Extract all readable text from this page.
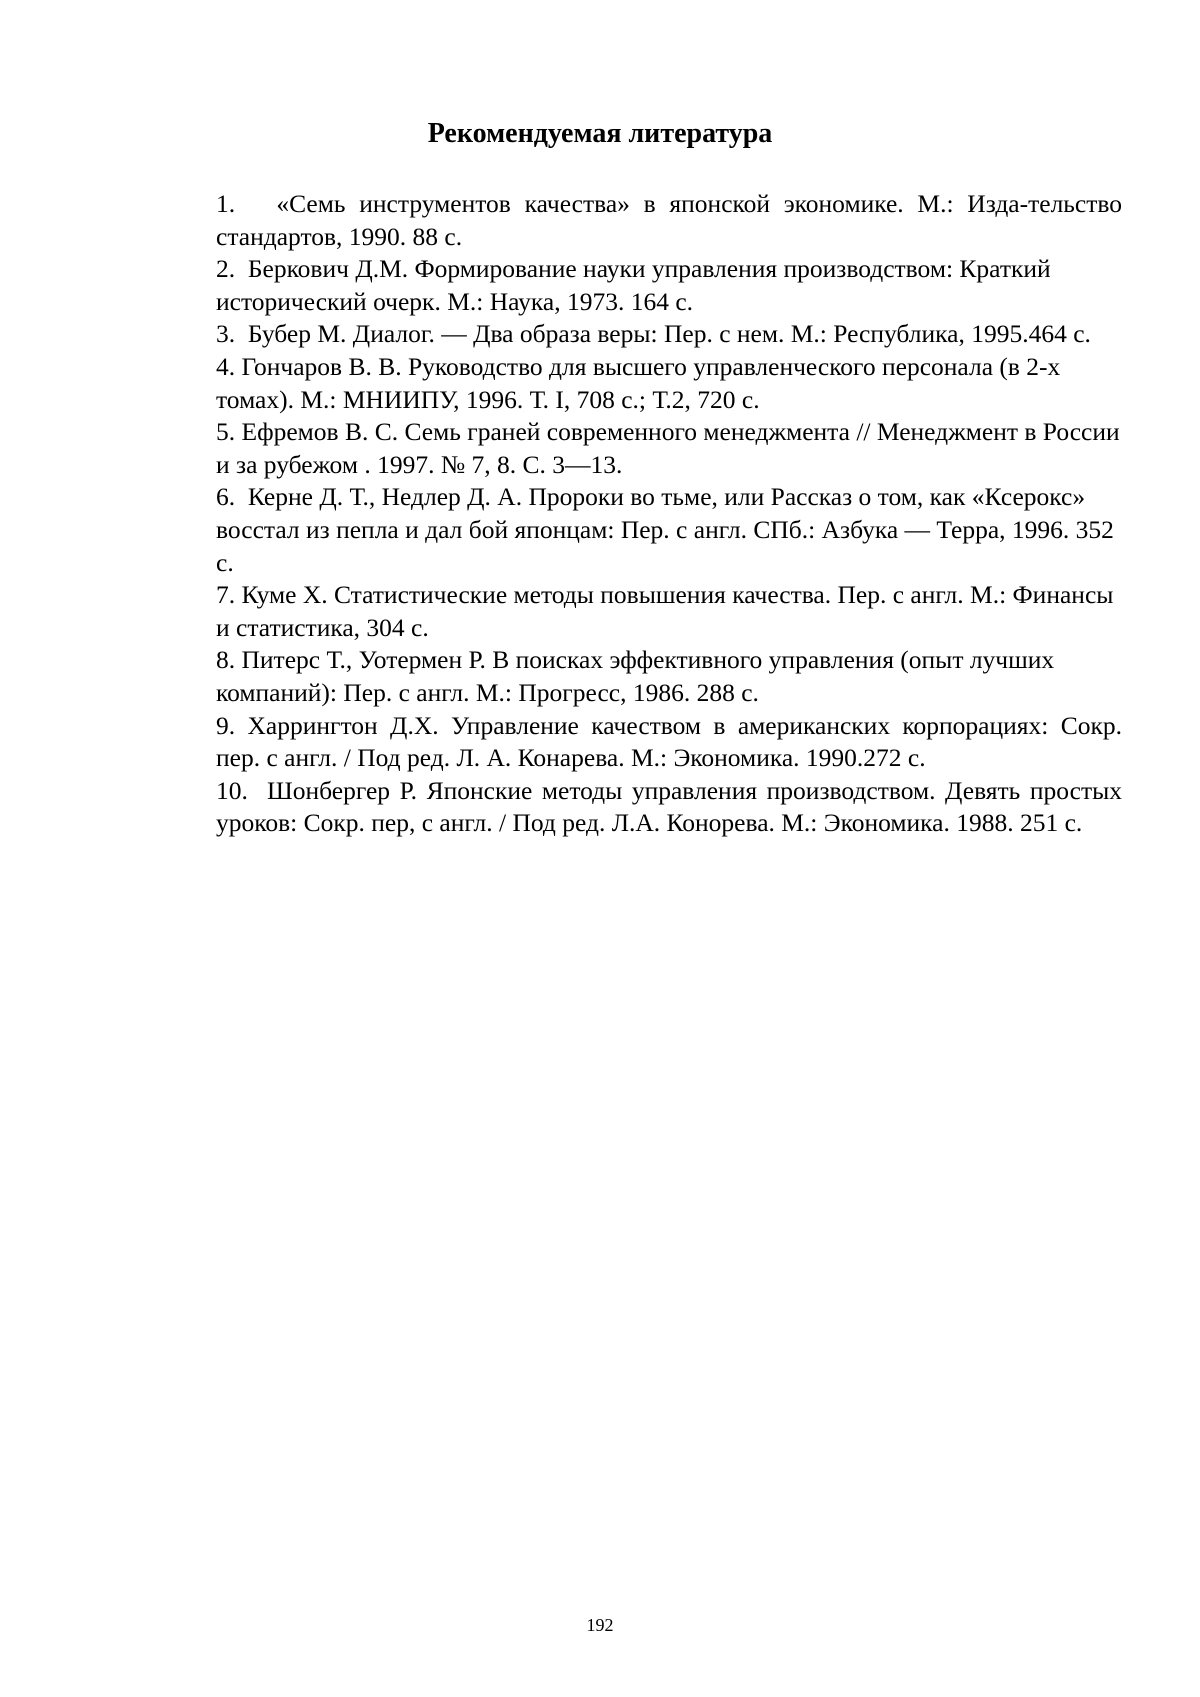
Рекомендуемая литература
1.   «Семь инструментов качества» в японской экономике. М.: Изда-тельство стандартов, 1990. 88 с.
2.  Беркович Д.М. Формирование науки управления производством: Краткий исторический очерк. М.: Наука, 1973. 164 с.
3.  Бубер М. Диалог. — Два образа веры: Пер. с нем. М.: Республика, 1995.464 с.
4. Гончаров В. В. Руководство для высшего управленческого персонала (в 2-х томах). М.: МНИИПУ, 1996. Т. I, 708 с.; Т.2, 720 с.
5. Ефремов В. С. Семь граней современного менеджмента // Менеджмент в России и за рубежом . 1997. № 7, 8. С. 3—13.
6.  Керне Д. Т., Недлер Д. А. Пророки во тьме, или Рассказ о том, как «Ксерокс» восстал из пепла и дал бой японцам: Пер. с англ. СПб.: Азбука — Терра, 1996. 352 с.
7. Куме X. Статистические методы повышения качества. Пер. с англ. М.: Финансы и статистика, 304 с.
8. Питерс Т., Уотермен Р. В поисках эффективного управления (опыт лучших компаний): Пер. с англ. М.: Прогресс, 1986. 288 с.
9. Харрингтон Д.Х. Управление качеством в американских корпорациях: Сокр. пер. с англ. / Под ред. Л. А. Конарева. М.: Экономика. 1990.272 с.
10.  Шонбергер Р. Японские методы управления производством. Девять простых уроков: Сокр. пер, с англ. / Под ред. Л.А. Конорева. М.: Экономика. 1988. 251 с.
192
